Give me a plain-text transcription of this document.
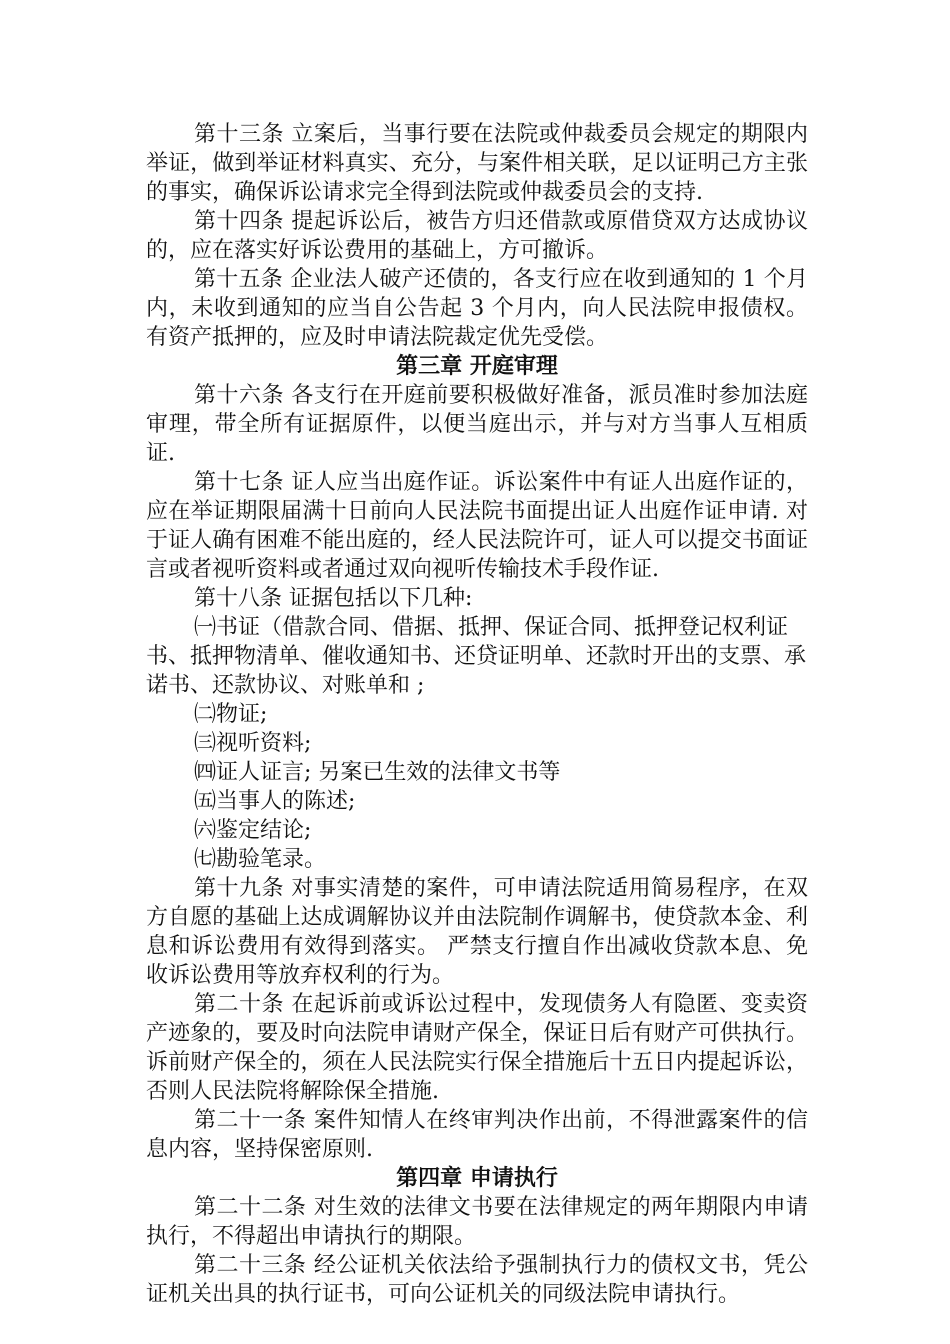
第十三条 立案后，当事行要在法院或仲裁委员会规定的期限内举证，做到举证材料真实、充分，与案件相关联，足以证明己方主张的事实，确保诉讼请求完全得到法院或仲裁委员会的支持.

第十四条 提起诉讼后，被告方归还借款或原借贷双方达成协议的，应在落实好诉讼费用的基础上，方可撤诉。

第十五条 企业法人破产还债的，各支行应在收到通知的 1 个月内，未收到通知的应当自公告起 3 个月内，向人民法院申报债权。有资产抵押的，应及时申请法院裁定优先受偿。

第三章 开庭审理

第十六条 各支行在开庭前要积极做好准备，派员准时参加法庭审理，带全所有证据原件，以便当庭出示，并与对方当事人互相质证.

第十七条 证人应当出庭作证。诉讼案件中有证人出庭作证的，应在举证期限届满十日前向人民法院书面提出证人出庭作证申请. 对于证人确有困难不能出庭的，经人民法院许可，证人可以提交书面证言或者视听资料或者通过双向视听传输技术手段作证.

第十八条 证据包括以下几种:

㈠书证（借款合同、借据、抵押、保证合同、抵押登记权利证书、抵押物清单、催收通知书、还贷证明单、还款时开出的支票、承诺书、还款协议、对账单和 ;

㈡物证;

㈢视听资料;

㈣证人证言; 另案已生效的法律文书等

㈤当事人的陈述;

㈥鉴定结论;

㈦勘验笔录。

第十九条 对事实清楚的案件，可申请法院适用简易程序，在双方自愿的基础上达成调解协议并由法院制作调解书，使贷款本金、利息和诉讼费用有效得到落实。 严禁支行擅自作出减收贷款本息、免收诉讼费用等放弃权利的行为。

第二十条 在起诉前或诉讼过程中，发现债务人有隐匿、变卖资产迹象的，要及时向法院申请财产保全，保证日后有财产可供执行。 诉前财产保全的，须在人民法院实行保全措施后十五日内提起诉讼，否则人民法院将解除保全措施.

第二十一条 案件知情人在终审判决作出前，不得泄露案件的信息内容，坚持保密原则.

第四章 申请执行

第二十二条 对生效的法律文书要在法律规定的两年期限内申请执行，不得超出申请执行的期限。

第二十三条 经公证机关依法给予强制执行力的债权文书，凭公证机关出具的执行证书，可向公证机关的同级法院申请执行。
